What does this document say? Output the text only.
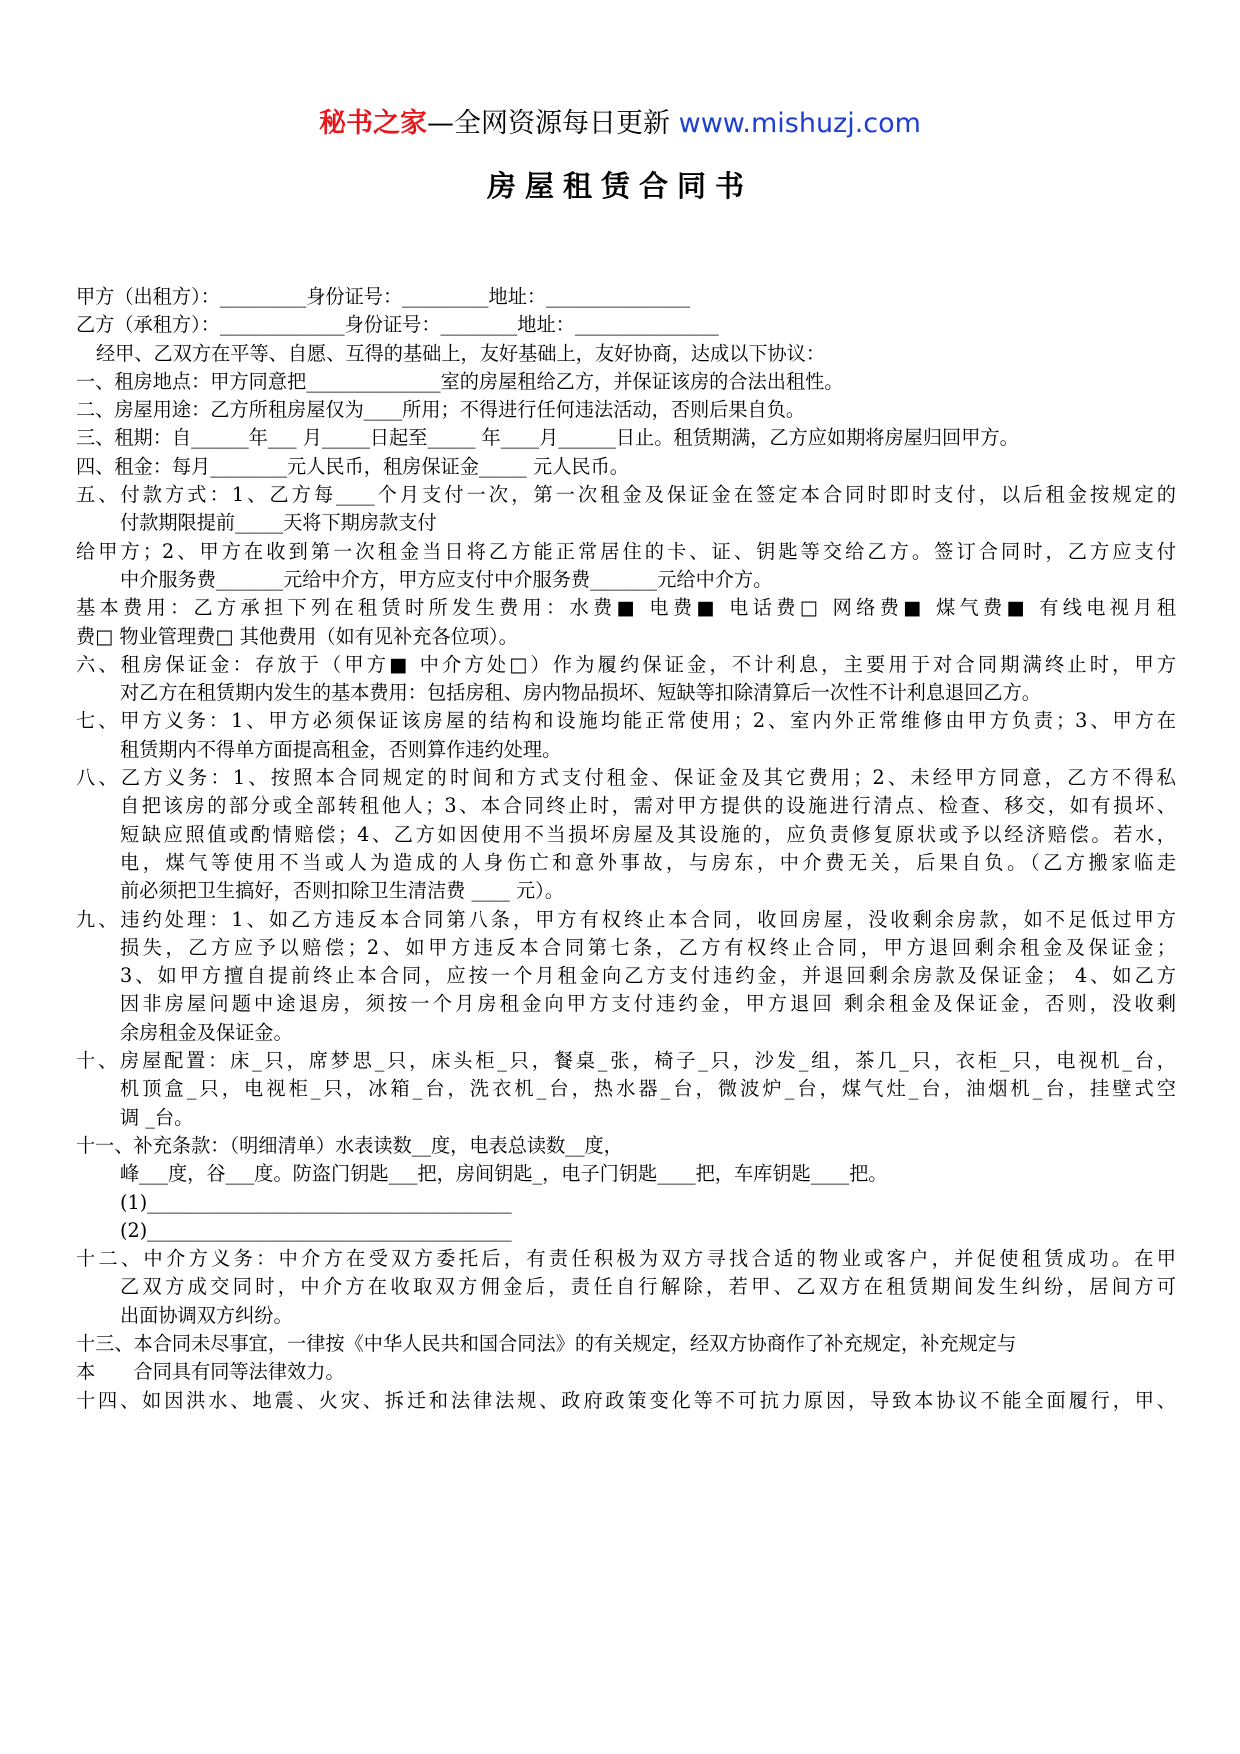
秘书之家—全网资源每日更新 www.mishuzj.com
房屋租赁合同书

甲方（出租方）：_________身份证号：_________地址：_______________

乙方（承租方）：_____________身份证号：________地址：_______________

经甲、乙双方在平等、自愿、互得的基础上，友好基础上，友好协商，达成以下协议：

一、租房地点：甲方同意把______________室的房屋租给乙方，并保证该房的合法出租性。

二、房屋用途：乙方所租房屋仅为____所用；不得进行任何违法活动，否则后果自负。

三、租期：自______年___ 月_____日起至_____ 年____月______日止。租赁期满，乙方应如期将房屋归回甲方。

四、租金：每月________元人民币，租房保证金_____ 元人民币。

五、付款方式：1、乙方每____个月支付一次，第一次租金及保证金在签定本合同时即时支付，以后租金按规定的

付款期限提前_____天将下期房款支付

给甲方；2、甲方在收到第一次租金当日将乙方能正常居住的卡、证、钥匙等交给乙方。签订合同时，乙方应支付

中介服务费_______元给中介方，甲方应支付中介服务费_______元给中介方。

基本费用：乙方承担下列在租赁时所发生费用：水费■ 电费■ 电话费□ 网络费■ 煤气费■ 有线电视月租

费□ 物业管理费□ 其他费用（如有见补充各位项）。

六、租房保证金：存放于（甲方■ 中介方处□）作为履约保证金，不计利息，主要用于对合同期满终止时，甲方

对乙方在租赁期内发生的基本费用：包括房租、房内物品损坏、短缺等扣除清算后一次性不计利息退回乙方。

七、甲方义务：1、甲方必须保证该房屋的结构和设施均能正常使用；2、室内外正常维修由甲方负责；3、甲方在

租赁期内不得单方面提高租金，否则算作违约处理。

八、乙方义务：1、按照本合同规定的时间和方式支付租金、保证金及其它费用；2、未经甲方同意，乙方不得私

自把该房的部分或全部转租他人；3、本合同终止时，需对甲方提供的设施进行清点、检查、移交，如有损坏、

短缺应照值或酌情赔偿；4、乙方如因使用不当损坏房屋及其设施的，应负责修复原状或予以经济赔偿。若水，

电，煤气等使用不当或人为造成的人身伤亡和意外事故，与房东，中介费无关，后果自负。（乙方搬家临走

前必须把卫生搞好，否则扣除卫生清洁费 ____ 元）。

九、违约处理：1、如乙方违反本合同第八条，甲方有权终止本合同，收回房屋，没收剩余房款，如不足低过甲方

损失，乙方应予以赔偿；2、如甲方违反本合同第七条，乙方有权终止合同，甲方退回剩余租金及保证金；

3、如甲方擅自提前终止本合同，应按一个月租金向乙方支付违约金，并退回剩余房款及保证金； 4、如乙方

因非房屋问题中途退房，须按一个月房租金向甲方支付违约金，甲方退回 剩余租金及保证金，否则，没收剩

余房租金及保证金。

十、房屋配置：床_只，席梦思_只，床头柜_只，餐桌_张，椅子_只，沙发_组，茶几_只，衣柜_只，电视机_台，

机顶盒_只，电视柜_只，冰箱_台，洗衣机_台，热水器_台，微波炉_台，煤气灶_台，油烟机_台，挂壁式空

调 _台。

十一、补充条款：（明细清单）水表读数__度，电表总读数__度，

峰___度，谷___度。防盗门钥匙___把，房间钥匙_，电子门钥匙____把，车库钥匙____把。

(1)______________________________________

(2)______________________________________

十二、中介方义务：中介方在受双方委托后，有责任积极为双方寻找合适的物业或客户，并促使租赁成功。在甲

乙双方成交同时，中介方在收取双方佣金后，责任自行解除，若甲、乙双方在租赁期间发生纠纷，居间方可

出面协调双方纠纷。

十三、本合同未尽事宜，一律按《中华人民共和国合同法》的有关规定，经双方协商作了补充规定，补充规定与

本　　合同具有同等法律效力。

十四、如因洪水、地震、火灾、拆迁和法律法规、政府政策变化等不可抗力原因，导致本协议不能全面履行，甲、
